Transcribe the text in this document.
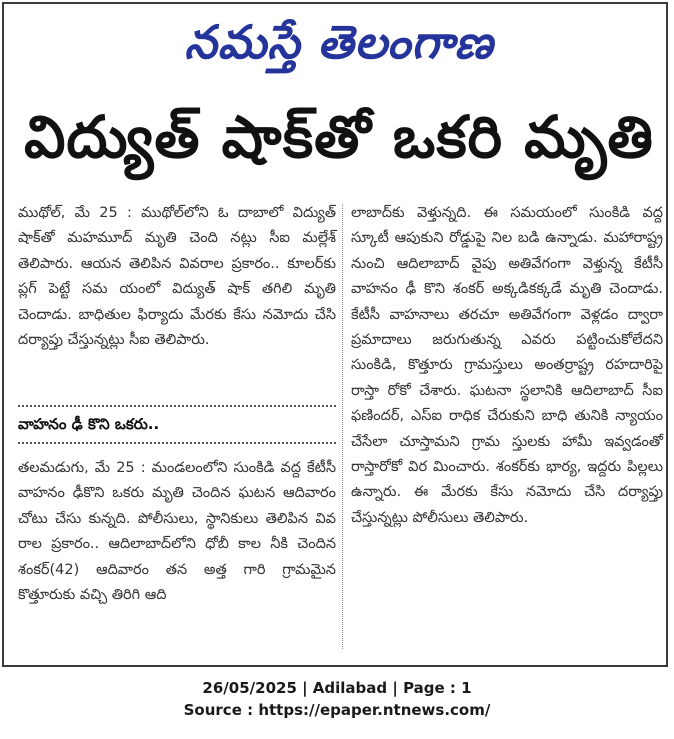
నమస్తే తెలంగాణ
విద్యుత్ షాక్‌తో ఒకరి మృతి

ముథోల్, మే 25 : ముథోల్‌లోని ఓ దాబాలో విద్యుత్ షాక్‌తో మహమూద్ మృతి చెంది నట్లు సీఐ మల్లేశ్ తెలిపారు. ఆయన తెలిపిన వివరాల ప్రకారం.. కూలర్‌కు ప్లగ్ పెట్టే సమ యంలో విద్యుత్ షాక్ తగిలి మృతి చెందాడు. బాధితుల ఫిర్యాదు మేరకు కేసు నమోదు చేసి దర్యాప్తు చేస్తున్నట్లు సీఐ తెలిపారు.

వాహనం ఢీ కొని ఒకరు..

తలమడుగు, మే 25 : మండలంలోని సుంకిడి వద్ద కేటీసీ వాహనం ఢీకొని ఒకరు మృతి చెందిన ఘటన ఆదివారం చోటు చేసు కున్నది. పోలీసులు, స్థానికులు తెలిపిన వివ రాల ప్రకారం.. ఆదిలాబాద్‌లోని ధోబీ కాల నీకి చెందిన శంకర్(42) ఆదివారం తన అత్త గారి గ్రామమైన కొత్తూరుకు వచ్చి తిరిగి ఆది

లాబాద్‌కు వెళ్తున్నది. ఈ సమయంలో సుంకిడి వద్ద స్కూటీ ఆపుకుని రోడ్డుపై నిల బడి ఉన్నాడు. మహారాష్ట్ర నుంచి ఆదిలాబాద్ వైపు అతివేగంగా వెళ్తున్న కేటీసీ వాహనం ఢీ కొని శంకర్ అక్కడికక్కడే మృతి చెందాడు. కేటీసీ వాహనాలు తరచూ అతివేగంగా వెళ్లడం ద్వారా ప్రమాదాలు జరుగుతున్న ఎవరు పట్టించుకోలేదని సుంకిడి, కొత్తూరు గ్రామస్తులు అంతర్రాష్ట్ర రహదారిపై రాస్తా రోకో చేశారు. ఘటనా స్థలానికి ఆదిలాబాద్ సీఐ ఫణిందర్, ఎస్ఐ రాధిక చేరుకుని బాధి తునికి న్యాయం చేసేలా చూస్తామని గ్రామ స్తులకు హామీ ఇవ్వడంతో రాస్తారోకో విర మించారు. శంకర్‌కు భార్య, ఇద్దరు పిల్లలు ఉన్నారు. ఈ మేరకు కేసు నమోదు చేసి దర్యాప్తు చేస్తున్నట్లు పోలీసులు తెలిపారు.

26/05/2025 | Adilabad | Page : 1
Source : https://epaper.ntnews.com/
